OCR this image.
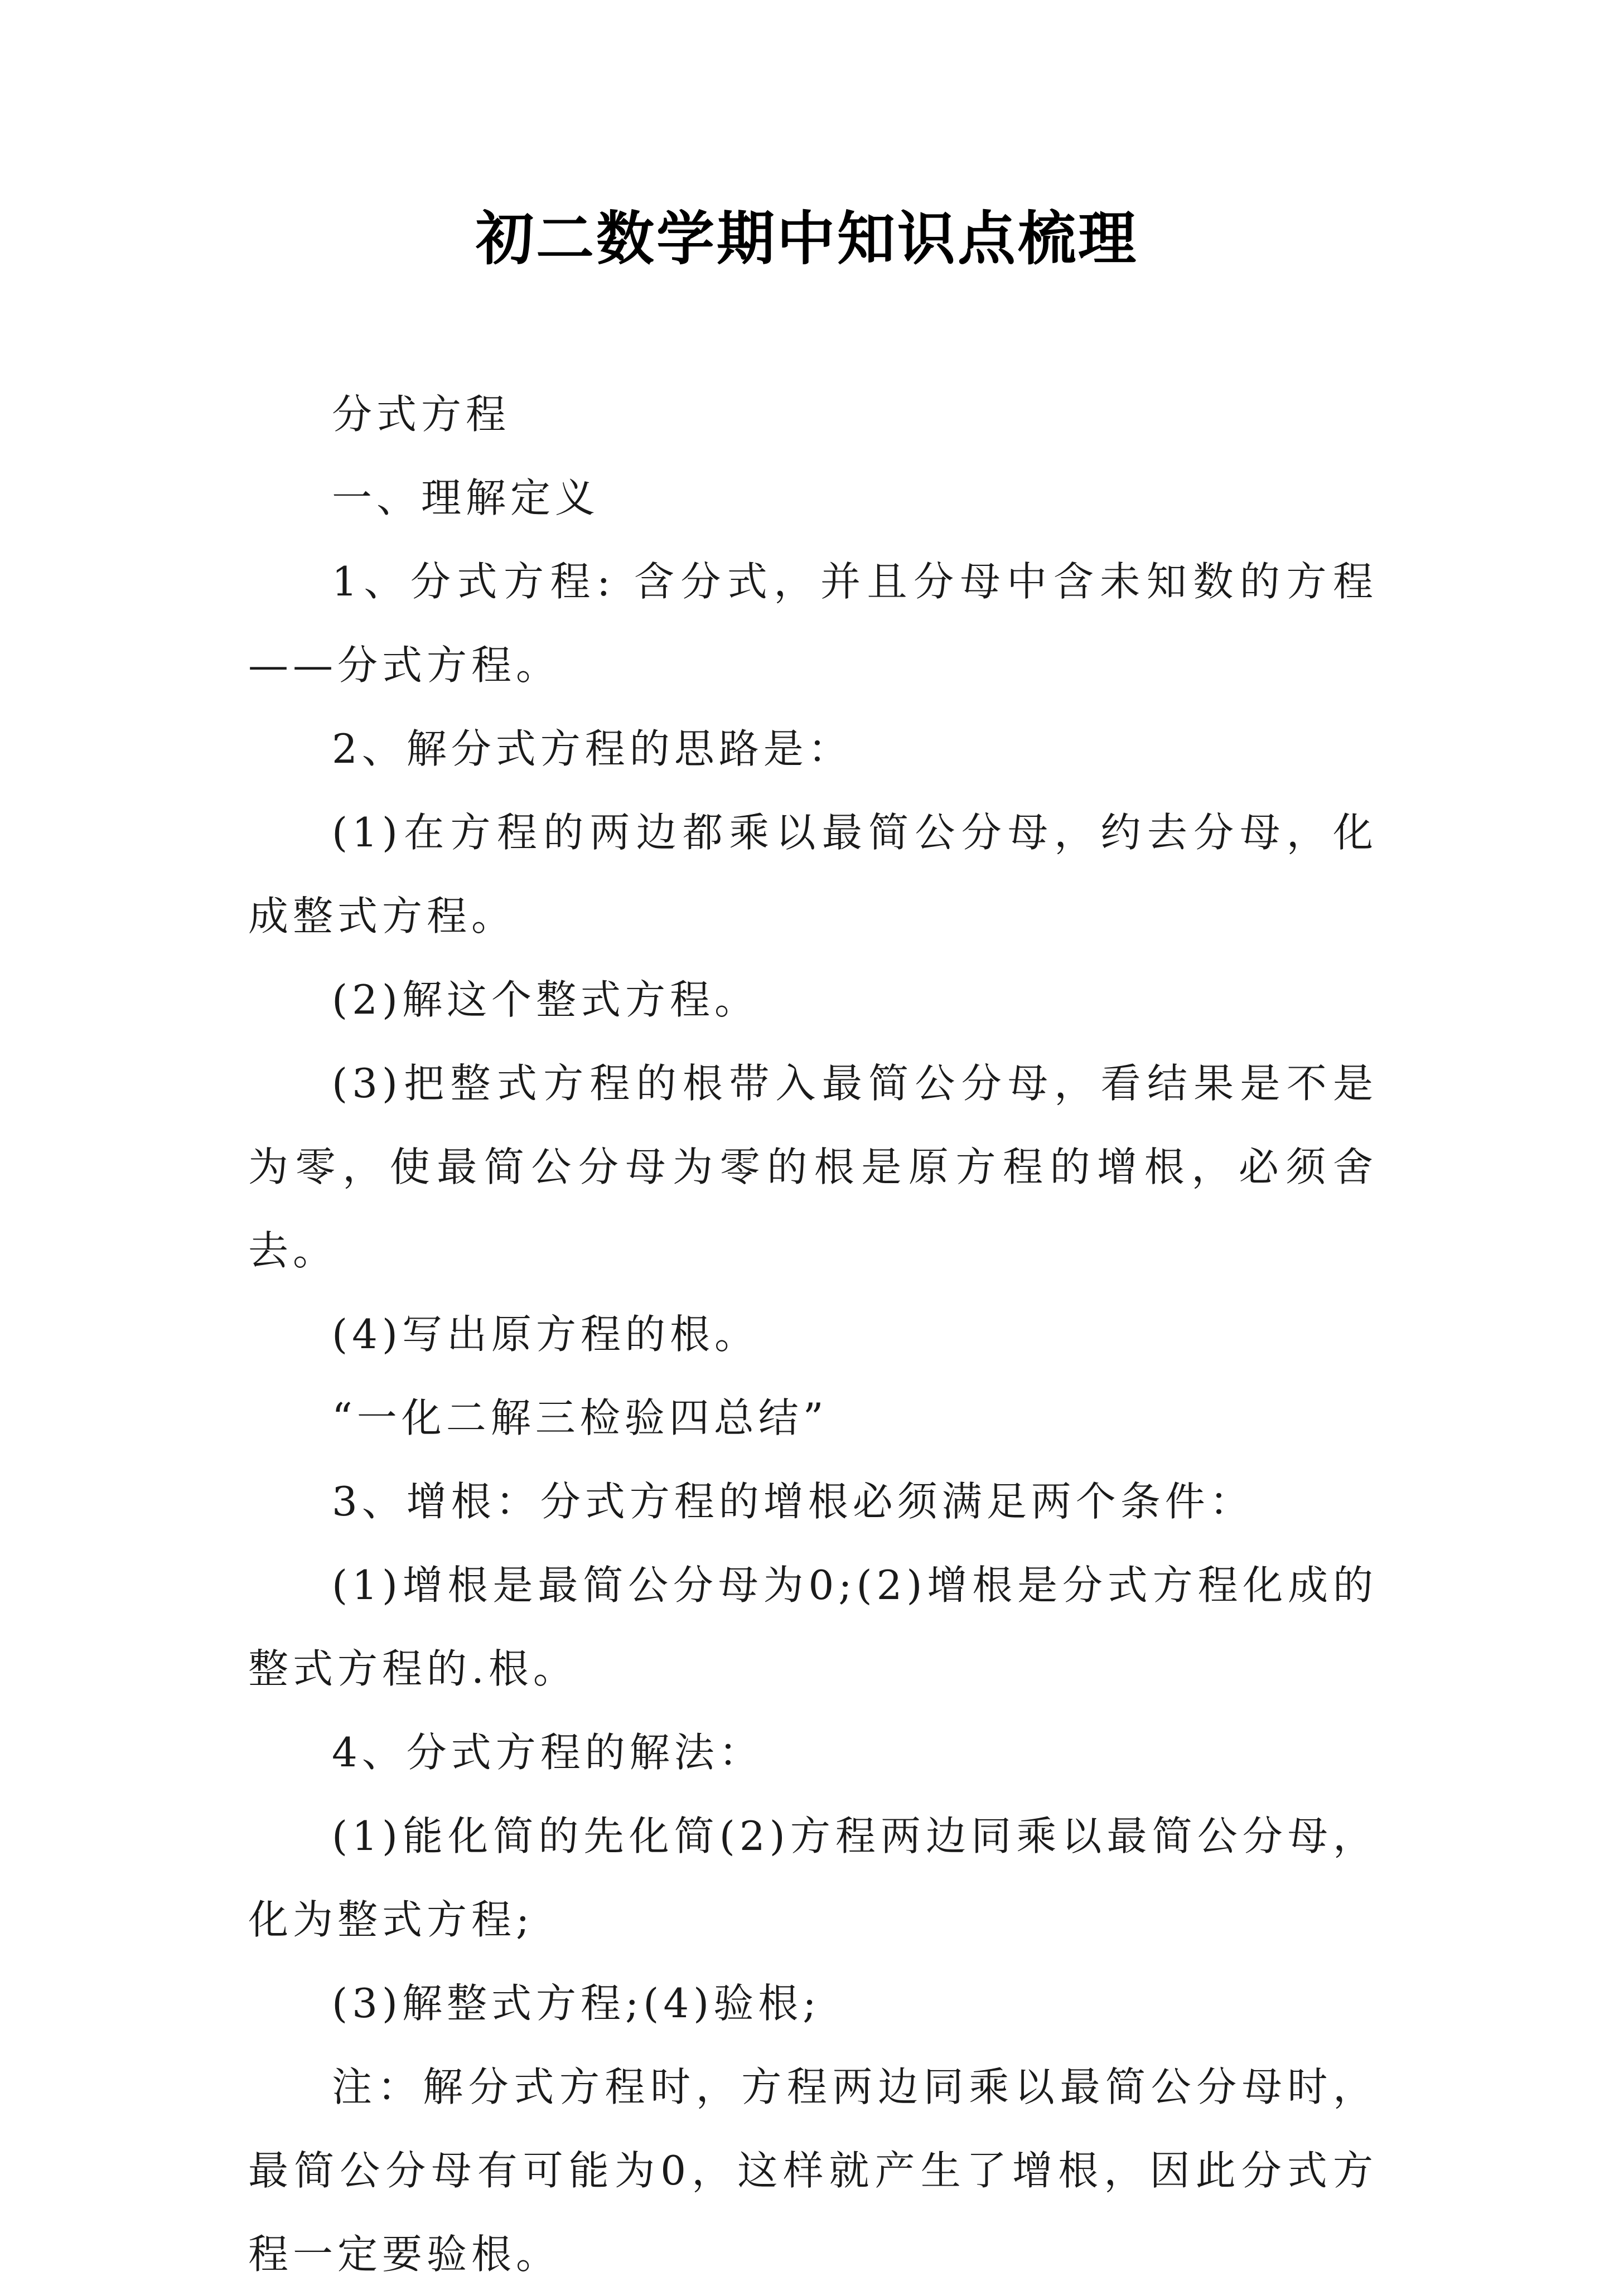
初二数学期中知识点梳理

分式方程

一、理解定义

1、分式方程: 含分式，并且分母中含未知数的方程——分式方程。

2、解分式方程的思路是：

(1)在方程的两边都乘以最简公分母，约去分母，化成整式方程。

(2)解这个整式方程。

(3)把整式方程的根带入最简公分母，看结果是不是为零，使最简公分母为零的根是原方程的增根，必须舍去。

(4)写出原方程的根。

“一化二解三检验四总结”

3、增根：分式方程的增根必须满足两个条件：

(1)增根是最简公分母为0;(2)增根是分式方程化成的整式方程的.根。

4、分式方程的解法：

(1)能化简的先化简(2)方程两边同乘以最简公分母，化为整式方程;

(3)解整式方程;(4)验根;

注：解分式方程时，方程两边同乘以最简公分母时，最简公分母有可能为0，这样就产生了增根，因此分式方程一定要验根。
